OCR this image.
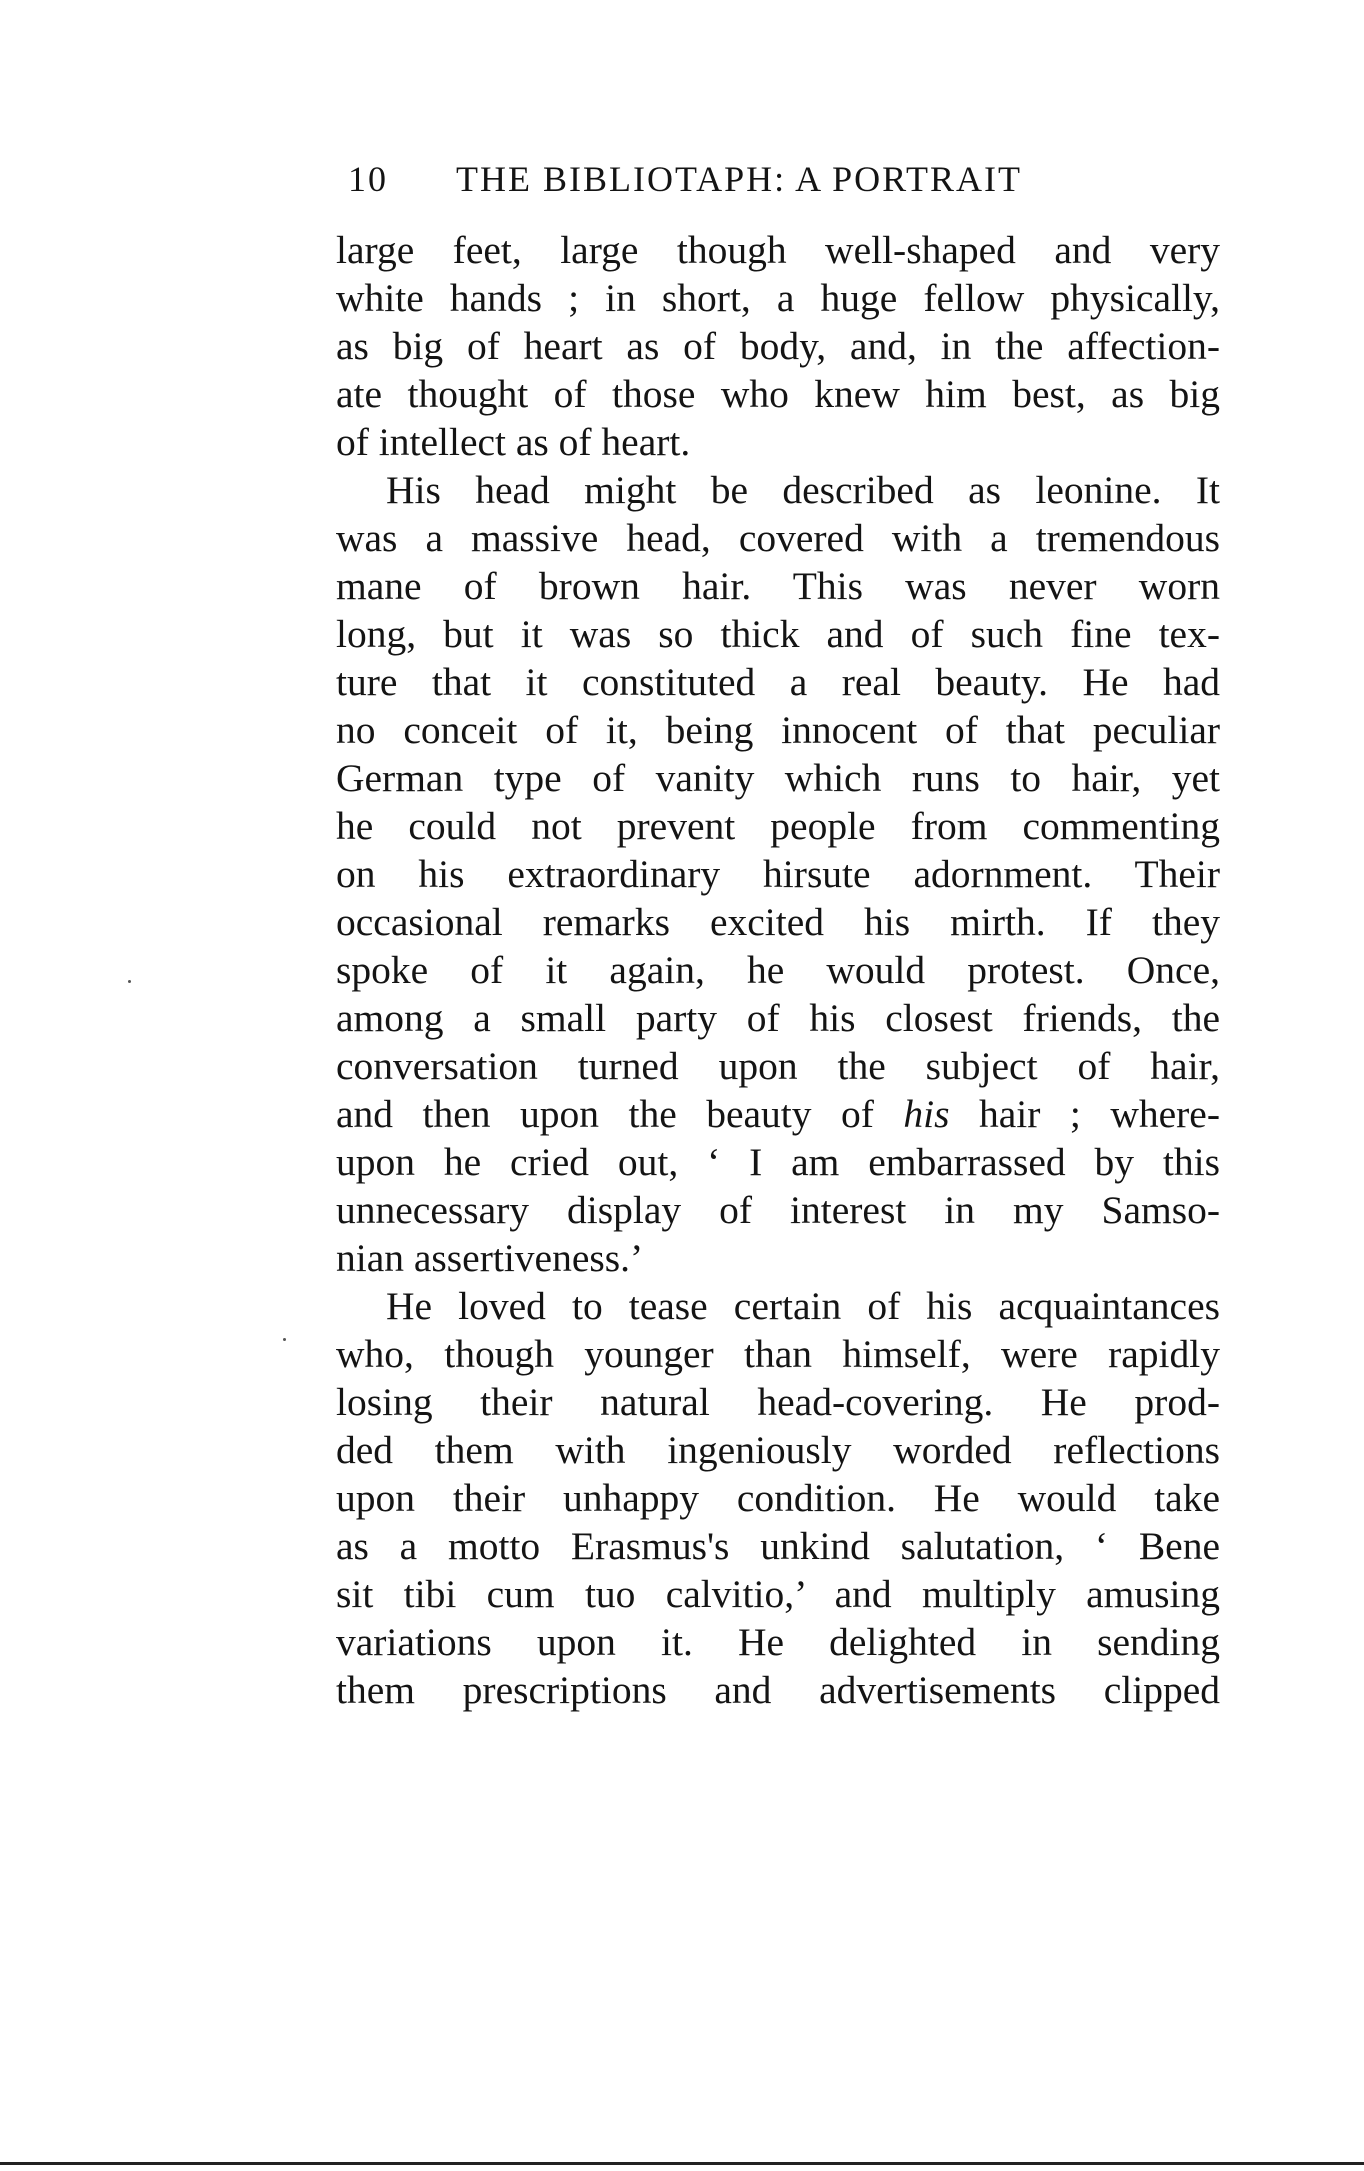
10 THE BIBLIOTAPH: A PORTRAIT
large feet, large though well-shaped and very
white hands ; in short, a huge fellow physically,
as big of heart as of body, and, in the affection-
ate thought of those who knew him best, as big
of intellect as of heart.
His head might be described as leonine. It
was a massive head, covered with a tremendous
mane of brown hair. This was never worn
long, but it was so thick and of such fine tex-
ture that it constituted a real beauty. He had
no conceit of it, being innocent of that peculiar
German type of vanity which runs to hair, yet
he could not prevent people from commenting
on his extraordinary hirsute adornment. Their
occasional remarks excited his mirth. If they
spoke of it again, he would protest. Once,
among a small party of his closest friends, the
conversation turned upon the subject of hair,
and then upon the beauty of his hair ; where-
upon he cried out, ‘ I am embarrassed by this
unnecessary display of interest in my Samso-
nian assertiveness.’
He loved to tease certain of his acquaintances
who, though younger than himself, were rapidly
losing their natural head-covering. He prod-
ded them with ingeniously worded reflections
upon their unhappy condition. He would take
as a motto Erasmus's unkind salutation, ‘ Bene
sit tibi cum tuo calvitio,’ and multiply amusing
variations upon it. He delighted in sending
them prescriptions and advertisements clipped
